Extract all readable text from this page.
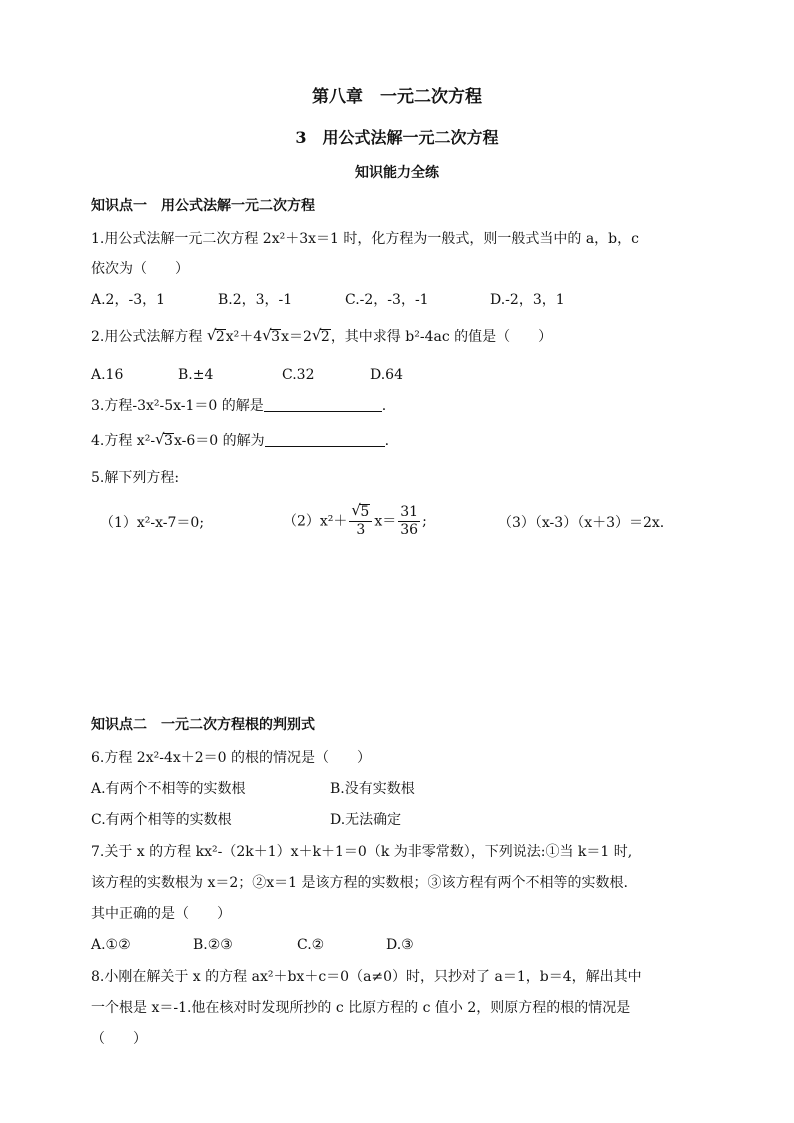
第八章　一元二次方程
3　用公式法解一元二次方程
知识能力全练
知识点一　用公式法解一元二次方程
1.用公式法解一元二次方程 2x²＋3x＝1 时，化方程为一般式，则一般式当中的 a，b，c
依次为（　　）
A.2，-3，1	B.2，3，-1	C.-2，-3，-1	D.-2，3，1
2.用公式法解方程 √ 2x²＋4 √ 3x＝2 √ 2，其中求得 b²-4ac 的值是（　　）
A.16	B.±4	C.32	D.64
3.方程-3x²-5x-1＝0 的解是	.
4.方程 x²- √ 3x-6＝0 的解为	.
5.解下列方程:
（1）x²-x-7＝0;	$(2)x^2+ \frac{√ 5}{3} x= \frac{31}{36}$ ;	（3）（x-3）（x＋3）＝2x.
知识点二　一元二次方程根的判别式
6.方程 2x²-4x＋2＝0 的根的情况是（　　）
A.有两个不相等的实数根	B.没有实数根
C.有两个相等的实数根	D.无法确定
7.关于 x 的方程 kx²-（2k＋1）x＋k＋1＝0（k 为非零常数），下列说法:①当 k＝1 时,
该方程的实数根为 x＝2；②x＝1 是该方程的实数根；③该方程有两个不相等的实数根.
其中正确的是（　　）
A.①②	B.②③	C.②	D.③
8.小刚在解关于 x 的方程 ax²＋bx＋c＝0（a≠0）时，只抄对了 a＝1，b＝4，解出其中
一个根是 x＝-1.他在核对时发现所抄的 c 比原方程的 c 值小 2，则原方程的根的情况是
（　　）
